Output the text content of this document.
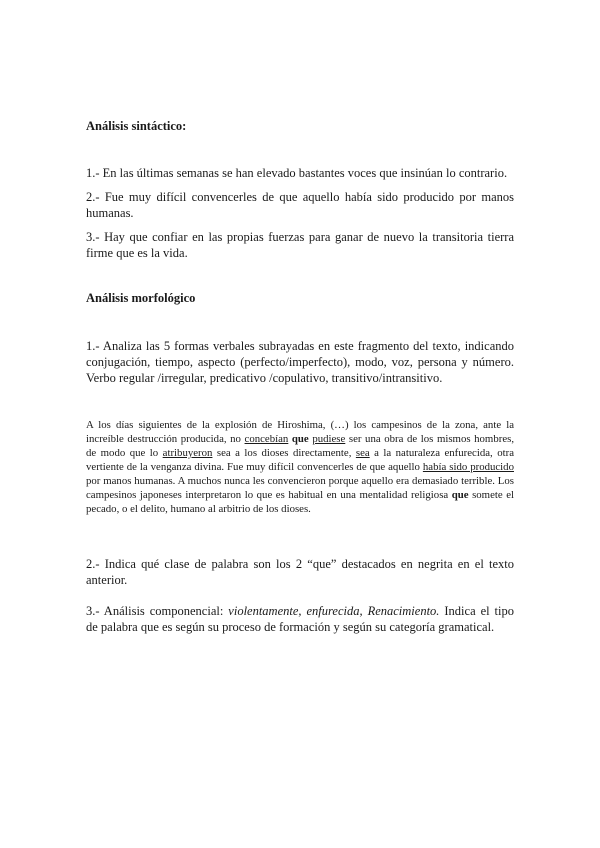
Análisis sintáctico:

1.- En las últimas semanas se han elevado bastantes voces que insinúan lo contrario.

2.- Fue muy difícil convencerles de que aquello había sido producido por manos humanas.

3.- Hay que confiar en las propias fuerzas para ganar de nuevo la transitoria tierra firme que es la vida.

Análisis morfológico

1.- Analiza las 5 formas verbales subrayadas en este fragmento del texto, indicando conjugación, tiempo, aspecto (perfecto/imperfecto), modo, voz, persona y número. Verbo regular /irregular, predicativo /copulativo, transitivo/intransitivo.

A los días siguientes de la explosión de Hiroshima, (…) los campesinos de la zona, ante la increíble destrucción producida, no concebían que pudiese ser una obra de los mismos hombres, de modo que lo atribuyeron sea a los dioses directamente, sea a la naturaleza enfurecida, otra vertiente de la venganza divina. Fue muy difícil convencerles de que aquello había sido producido por manos humanas. A muchos nunca les convencieron porque aquello era demasiado terrible. Los campesinos japoneses interpretaron lo que es habitual en una mentalidad religiosa que somete el pecado, o el delito, humano al arbitrio de los dioses.

2.- Indica qué clase de palabra son los 2 “que” destacados en negrita en el texto anterior.

3.- Análisis componencial: violentamente, enfurecida, Renacimiento. Indica el tipo de palabra que es según su proceso de formación y según su categoría gramatical.
